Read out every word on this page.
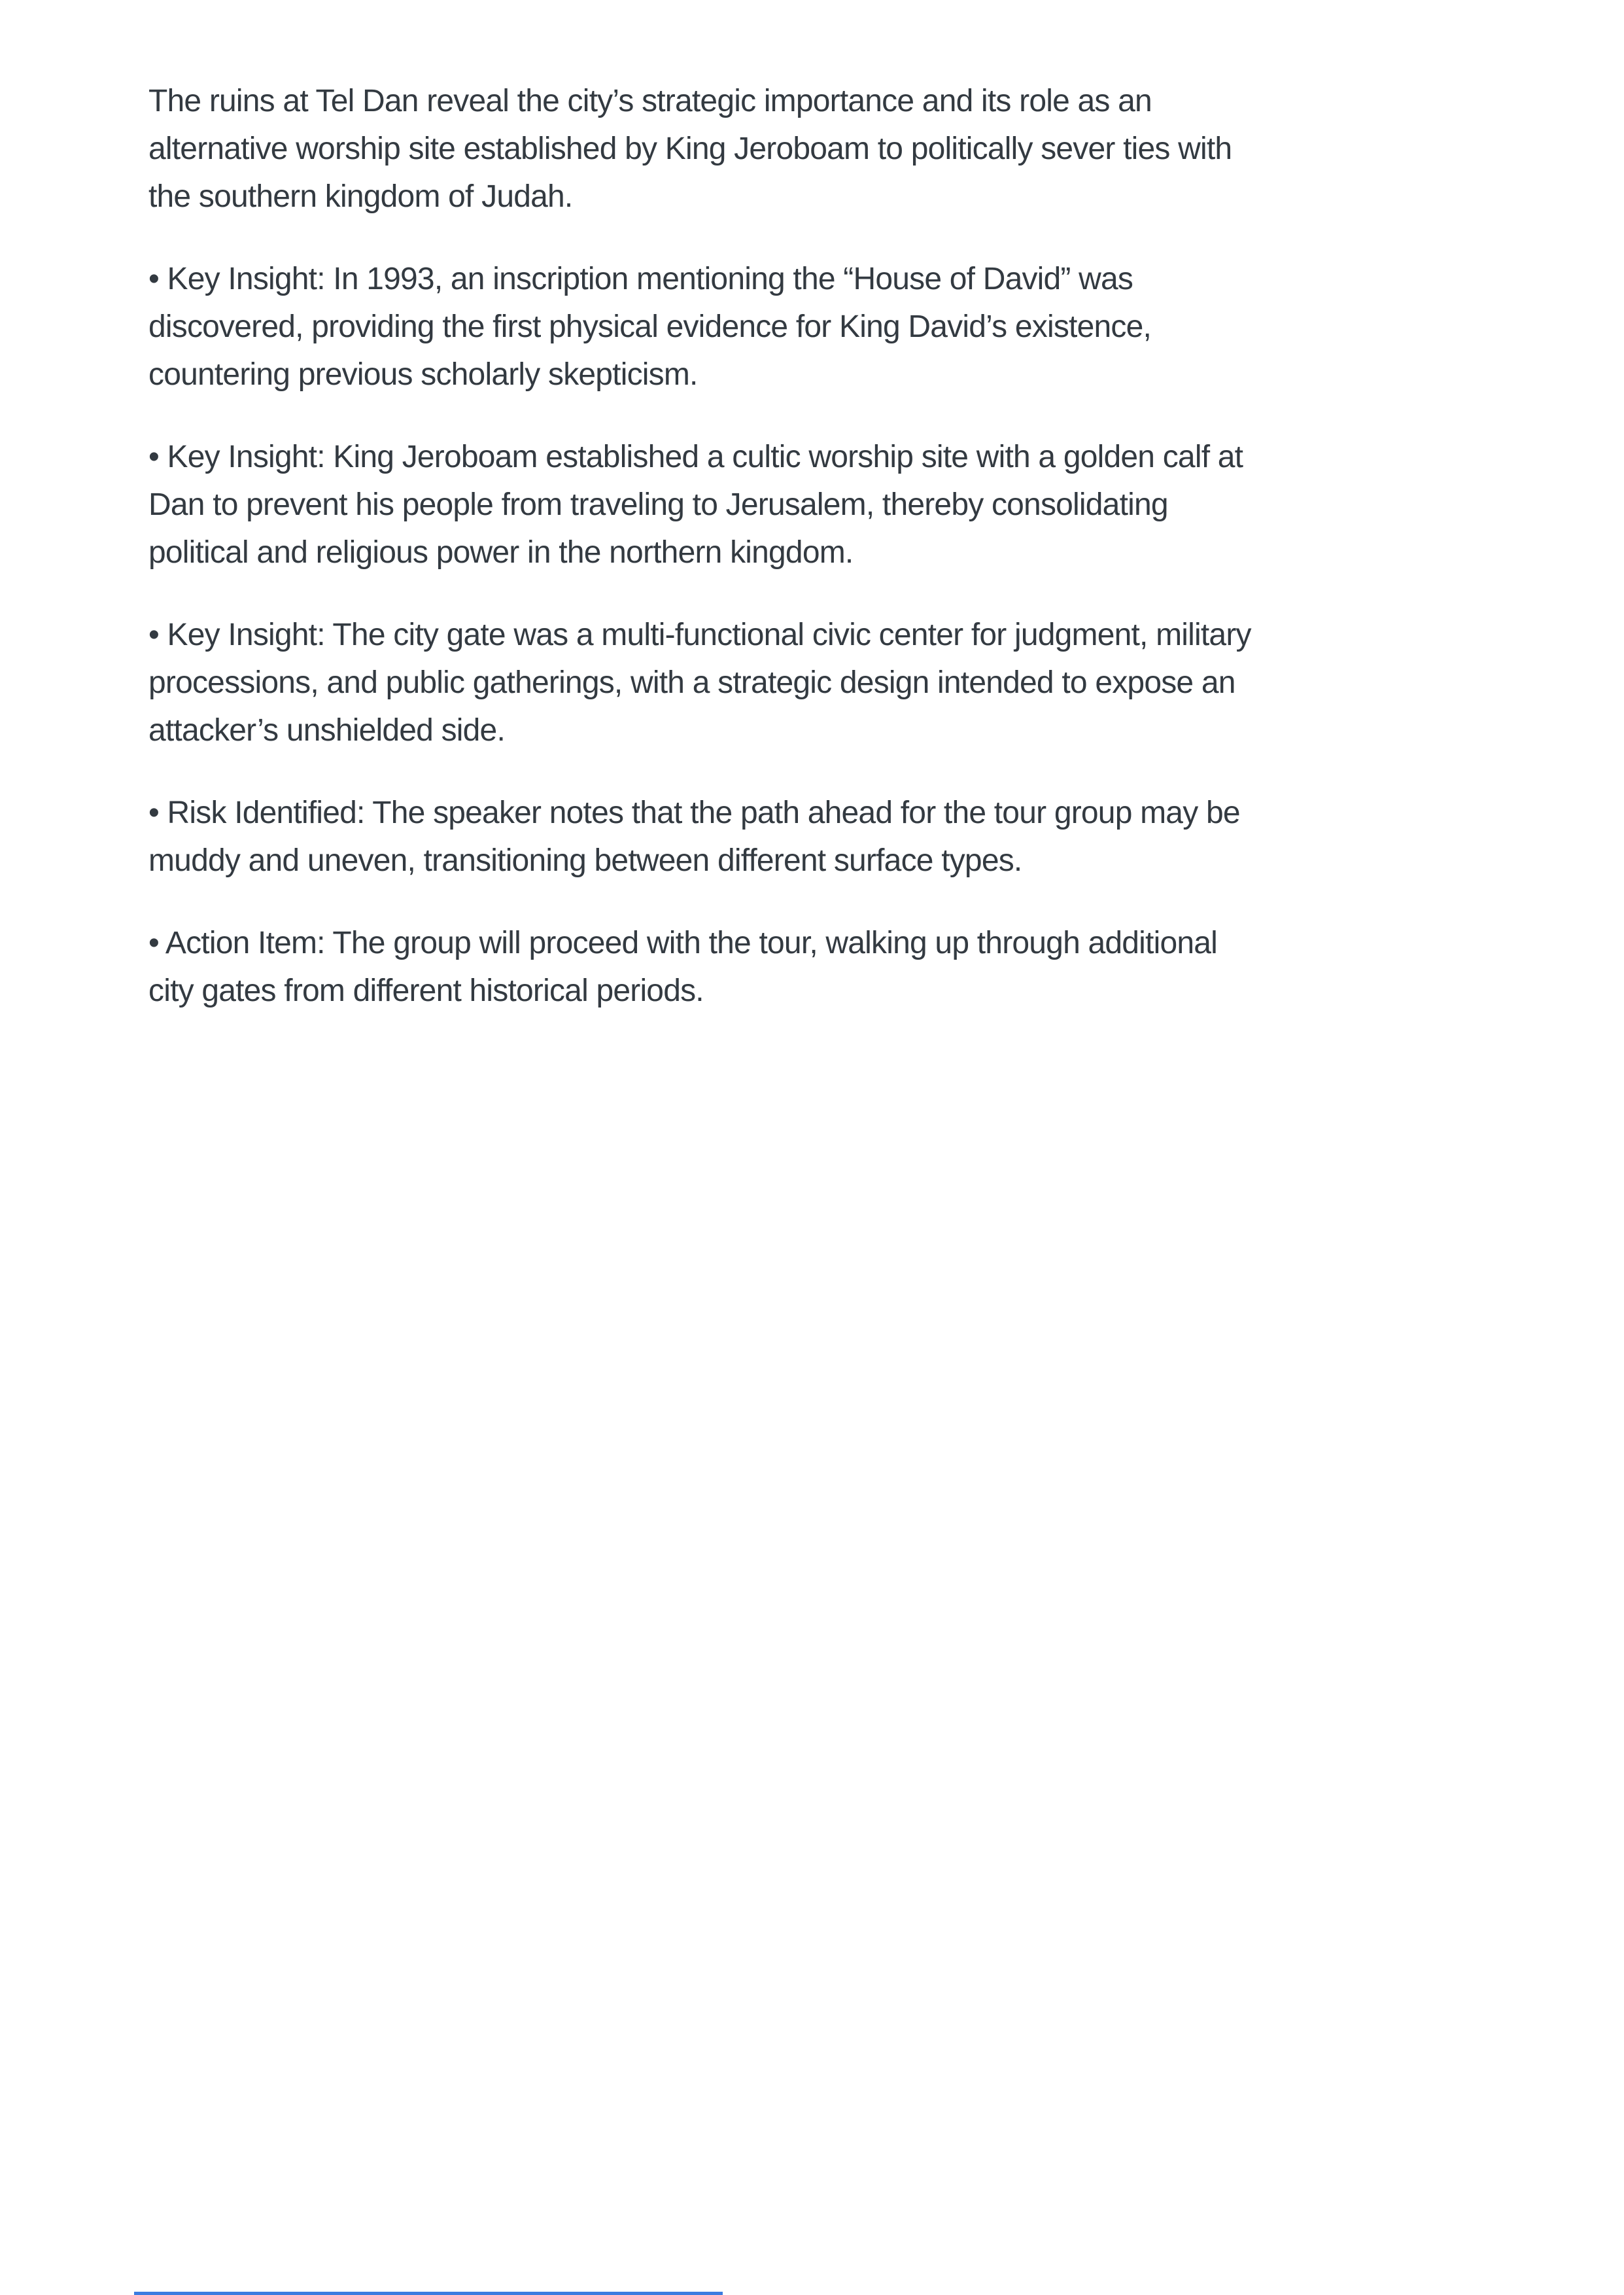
The ruins at Tel Dan reveal the city’s strategic importance and its role as an
alternative worship site established by King Jeroboam to politically sever ties with
the southern kingdom of Judah.
• Key Insight: In 1993, an inscription mentioning the “House of David” was
discovered, providing the first physical evidence for King David’s existence,
countering previous scholarly skepticism.
• Key Insight: King Jeroboam established a cultic worship site with a golden calf at
Dan to prevent his people from traveling to Jerusalem, thereby consolidating
political and religious power in the northern kingdom.
• Key Insight: The city gate was a multi-functional civic center for judgment, military
processions, and public gatherings, with a strategic design intended to expose an
attacker’s unshielded side.
• Risk Identified: The speaker notes that the path ahead for the tour group may be
muddy and uneven, transitioning between different surface types.
• Action Item: The group will proceed with the tour, walking up through additional
city gates from different historical periods.
